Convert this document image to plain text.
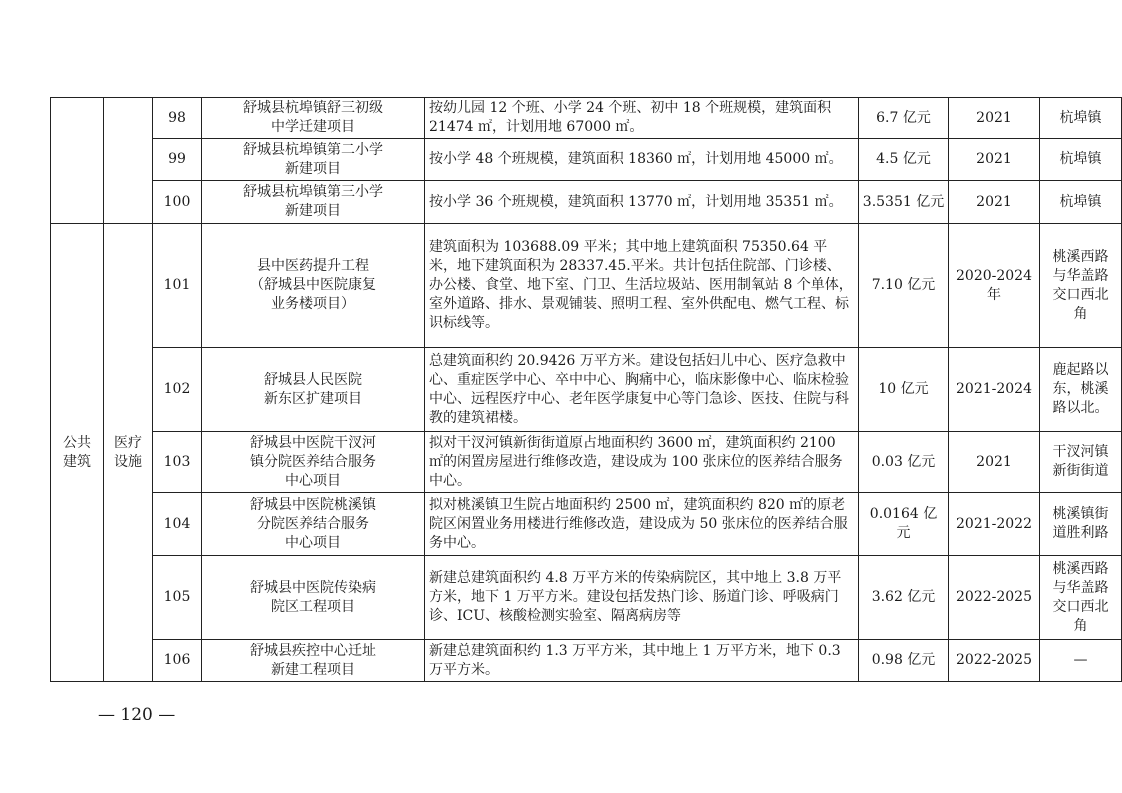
		98	舒城县杭埠镇舒三初级
中学迁建项目	按幼儿园 12 个班、小学 24 个班、初中 18 个班规模，建筑面积 21474 ㎡，计划用地 67000 ㎡。	6.7 亿元	2021	杭埠镇
		99	舒城县杭埠镇第二小学
新建项目	按小学 48 个班规模，建筑面积 18360 ㎡，计划用地 45000 ㎡。	4.5 亿元	2021	杭埠镇
		100	舒城县杭埠镇第三小学
新建项目	按小学 36 个班规模，建筑面积 13770 ㎡，计划用地 35351 ㎡。	3.5351 亿元	2021	杭埠镇
公共
建筑	医疗
设施	101	县中医药提升工程
（舒城县中医院康复
业务楼项目）	建筑面积为 103688.09 平米；其中地上建筑面积 75350.64 平米，地下建筑面积为 28337.45.平米。共计包括住院部、门诊楼、办公楼、食堂、地下室、门卫、生活垃圾站、医用制氧站 8 个单体，室外道路、排水、景观铺装、照明工程、室外供配电、燃气工程、标识标线等。	7.10 亿元	2020-2024
年	桃溪西路
与华盖路
交口西北
角
		102	舒城县人民医院
新东区扩建项目	总建筑面积约 20.9426 万平方米。建设包括妇儿中心、医疗急救中心、重症医学中心、卒中中心、胸痛中心，临床影像中心、临床检验中心、远程医疗中心、老年医学康复中心等门急诊、医技、住院与科教的建筑裙楼。	10 亿元	2021-2024	鹿起路以
东，桃溪
路以北。
		103	舒城县中医院干汊河
镇分院医养结合服务
中心项目	拟对干汊河镇新街街道原占地面积约 3600 ㎡，建筑面积约 2100 ㎡的闲置房屋进行维修改造，建设成为 100 张床位的医养结合服务中心。	0.03 亿元	2021	干汊河镇
新街街道
		104	舒城县中医院桃溪镇
分院医养结合服务
中心项目	拟对桃溪镇卫生院占地面积约 2500 ㎡，建筑面积约 820 ㎡的原老院区闲置业务用楼进行维修改造，建设成为 50 张床位的医养结合服务中心。	0.0164 亿
元	2021-2022	桃溪镇街
道胜利路
		105	舒城县中医院传染病
院区工程项目	新建总建筑面积约 4.8 万平方米的传染病院区，其中地上 3.8 万平方米，地下 1 万平方米。建设包括发热门诊、肠道门诊、呼吸病门诊、ICU、核酸检测实验室、隔离病房等	3.62 亿元	2022-2025	桃溪西路
与华盖路
交口西北
角
		106	舒城县疾控中心迁址
新建工程项目	新建总建筑面积约 1.3 万平方米，其中地上 1 万平方米，地下 0.3 万平方米。	0.98 亿元	2022-2025	—
— 120 —
